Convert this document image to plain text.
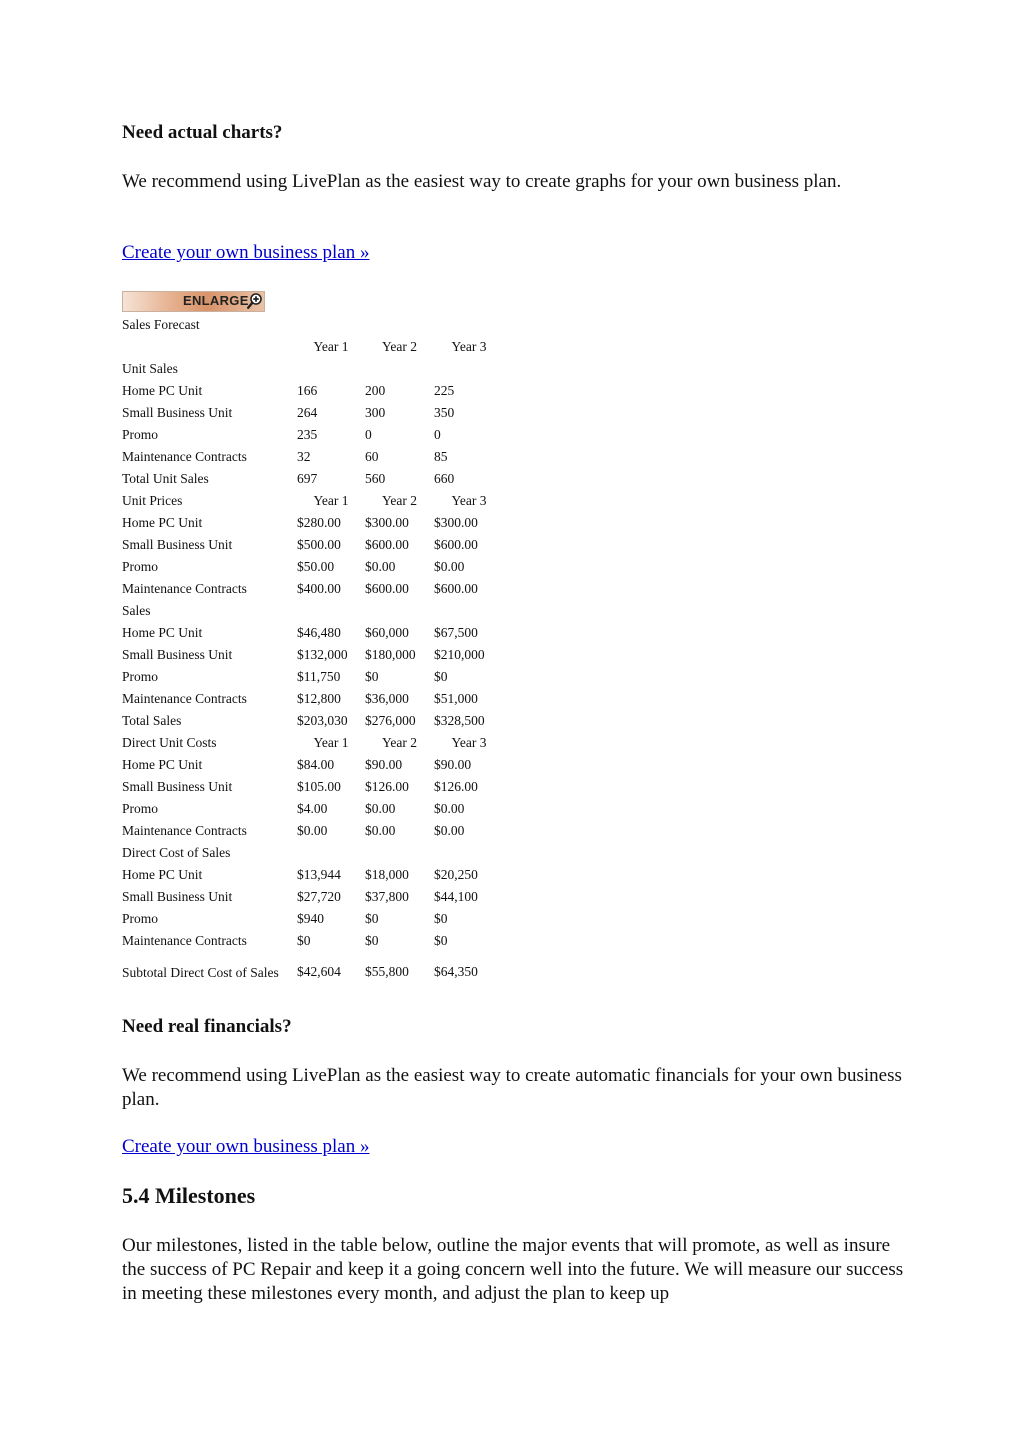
Need actual charts?

We recommend using LivePlan as the easiest way to create graphs for your own business plan.

Create your own business plan »
ENLARGE
Sales Forecast
	Year 1	Year 2	Year 3
Unit Sales			
Home PC Unit	166	200	225
Small Business Unit	264	300	350
Promo	235	0	0
Maintenance Contracts	32	60	85
Total Unit Sales	697	560	660
Unit Prices	Year 1	Year 2	Year 3
Home PC Unit	$280.00	$300.00	$300.00
Small Business Unit	$500.00	$600.00	$600.00
Promo	$50.00	$0.00	$0.00
Maintenance Contracts	$400.00	$600.00	$600.00
Sales			
Home PC Unit	$46,480	$60,000	$67,500
Small Business Unit	$132,000	$180,000	$210,000
Promo	$11,750	$0	$0
Maintenance Contracts	$12,800	$36,000	$51,000
Total Sales	$203,030	$276,000	$328,500
Direct Unit Costs	Year 1	Year 2	Year 3
Home PC Unit	$84.00	$90.00	$90.00
Small Business Unit	$105.00	$126.00	$126.00
Promo	$4.00	$0.00	$0.00
Maintenance Contracts	$0.00	$0.00	$0.00
Direct Cost of Sales			
Home PC Unit	$13,944	$18,000	$20,250
Small Business Unit	$27,720	$37,800	$44,100
Promo	$940	$0	$0
Maintenance Contracts	$0	$0	$0
Subtotal Direct Cost of Sales	$42,604	$55,800	$64,350
Need real financials?

We recommend using LivePlan as the easiest way to create automatic financials for your own business plan.

Create your own business plan »
5.4 Milestones

Our milestones, listed in the table below, outline the major events that will promote, as well as insure the success of PC Repair and keep it a going concern well into the future. We will measure our success in meeting these milestones every month, and adjust the plan to keep up
